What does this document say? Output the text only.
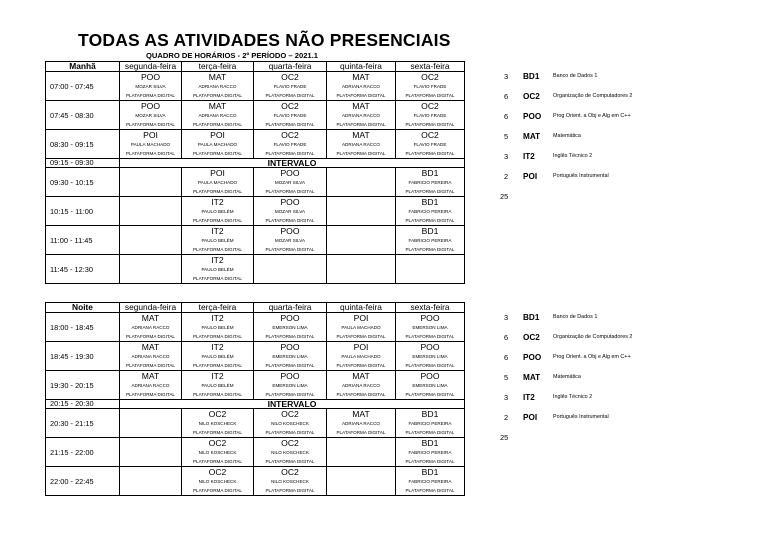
TODAS AS ATIVIDADES NÃO PRESENCIAIS
QUADRO DE HORÁRIOS - 2º PERÍODO – 2021.1
Manhã	segunda-feira	terça-feira	quarta-feira	quinta-feira	sexta-feira
07:00 - 07:45	POO
MOZAR SILVA
PLATAFORMA DIGITAL	MAT
ADRIANA RACCO
PLATAFORMA DIGITAL	OC2
FLAVIO FRADE
PLATAFORMA DIGITAL	MAT
ADRIANA RACCO
PLATAFORMA DIGITAL	OC2
FLAVIO FRADE
PLATAFORMA DIGITAL

07:45 - 08:30	POO
MOZAR SILVA
PLATAFORMA DIGITAL	MAT
ADRIANA RACCO
PLATAFORMA DIGITAL	OC2
FLAVIO FRADE
PLATAFORMA DIGITAL	MAT
ADRIANA RACCO
PLATAFORMA DIGITAL	OC2
FLAVIO FRADE
PLATAFORMA DIGITAL

08:30 - 09:15	POI
PAULA MACHADO
PLATAFORMA DIGITAL	POI
PAULA MACHADO
PLATAFORMA DIGITAL	OC2
FLAVIO FRADE
PLATAFORMA DIGITAL	MAT
ADRIANA RACCO
PLATAFORMA DIGITAL	OC2
FLAVIO FRADE
PLATAFORMA DIGITAL

09:15 - 09:30	INTERVALO				
09:30 - 10:15		POI
PAULA MACHADO
PLATAFORMA DIGITAL	POO
MOZAR SILVA
PLATAFORMA DIGITAL		BD1
FABRICIO PEREIRA
PLATAFORMA DIGITAL

10:15 - 11:00		IT2
PAULO BELÉM
PLATAFORMA DIGITAL	POO
MOZAR SILVA
PLATAFORMA DIGITAL		BD1
FABRICIO PEREIRA
PLATAFORMA DIGITAL

11:00 - 11:45		IT2
PAULO BELÉM
PLATAFORMA DIGITAL	POO
MOZAR SILVA
PLATAFORMA DIGITAL		BD1
FABRICIO PEREIRA
PLATAFORMA DIGITAL

11:45 - 12:30		IT2
PAULO BELÉM
PLATAFORMA DIGITAL			

Noite	segunda-feira	terça-feira	quarta-feira	quinta-feira	sexta-feira
18:00 - 18:45	MAT
ADRIANA RACCO
PLATAFORMA DIGITAL	IT2
PAULO BELÉM
PLATAFORMA DIGITAL	POO
EMERSON LIMA
PLATAFORMA DIGITAL	POI
PAULA MACHADO
PLATAFORMA DIGITAL	POO
EMERSON LIMA
PLATAFORMA DIGITAL

18:45 - 19:30	MAT
ADRIANA RACCO
PLATAFORMA DIGITAL	IT2
PAULO BELÉM
PLATAFORMA DIGITAL	POO
EMERSON LIMA
PLATAFORMA DIGITAL	POI
PAULA MACHADO
PLATAFORMA DIGITAL	POO
EMERSON LIMA
PLATAFORMA DIGITAL

19:30 - 20:15	MAT
ADRIANA RACCO
PLATAFORMA DIGITAL	IT2
PAULO BELÉM
PLATAFORMA DIGITAL	POO
EMERSON LIMA
PLATAFORMA DIGITAL	MAT
ADRIANA RACCO
PLATAFORMA DIGITAL	POO
EMERSON LIMA
PLATAFORMA DIGITAL

20:15 - 20:30	INTERVALO				
20:30 - 21:15		OC2
NILO KOSCHECK
PLATAFORMA DIGITAL	OC2
NILO KOSCHECK
PLATAFORMA DIGITAL	MAT
ADRIANA RACCO
PLATAFORMA DIGITAL	BD1
FABRICIO PEREIRA
PLATAFORMA DIGITAL

21:15 - 22:00		OC2
NILO KOSCHECK
PLATAFORMA DIGITAL	OC2
NILO KOSCHECK
PLATAFORMA DIGITAL		BD1
FABRICIO PEREIRA
PLATAFORMA DIGITAL

22:00 - 22:45		OC2
NILO KOSCHECK
PLATAFORMA DIGITAL	OC2
NILO KOSCHECK
PLATAFORMA DIGITAL		BD1
FABRICIO PEREIRA
PLATAFORMA DIGITAL
3 BD1	Banco de Dados 1
6 OC2 Organização de Computadores 2
6 POO Prog Orient. a Obj e Alg em C++
5 MAT Matemática
3 IT2	Inglês Técnico 2
2 POI	Português Instrumental
25
3 BD1	Banco de Dados 1
6 OC2 Organização de Computadores 2
6 POO Prog Orient. a Obj e Alg em C++
5 MAT Matemática
3 IT2	Inglês Técnico 2
2 POI	Português Instrumental
25
